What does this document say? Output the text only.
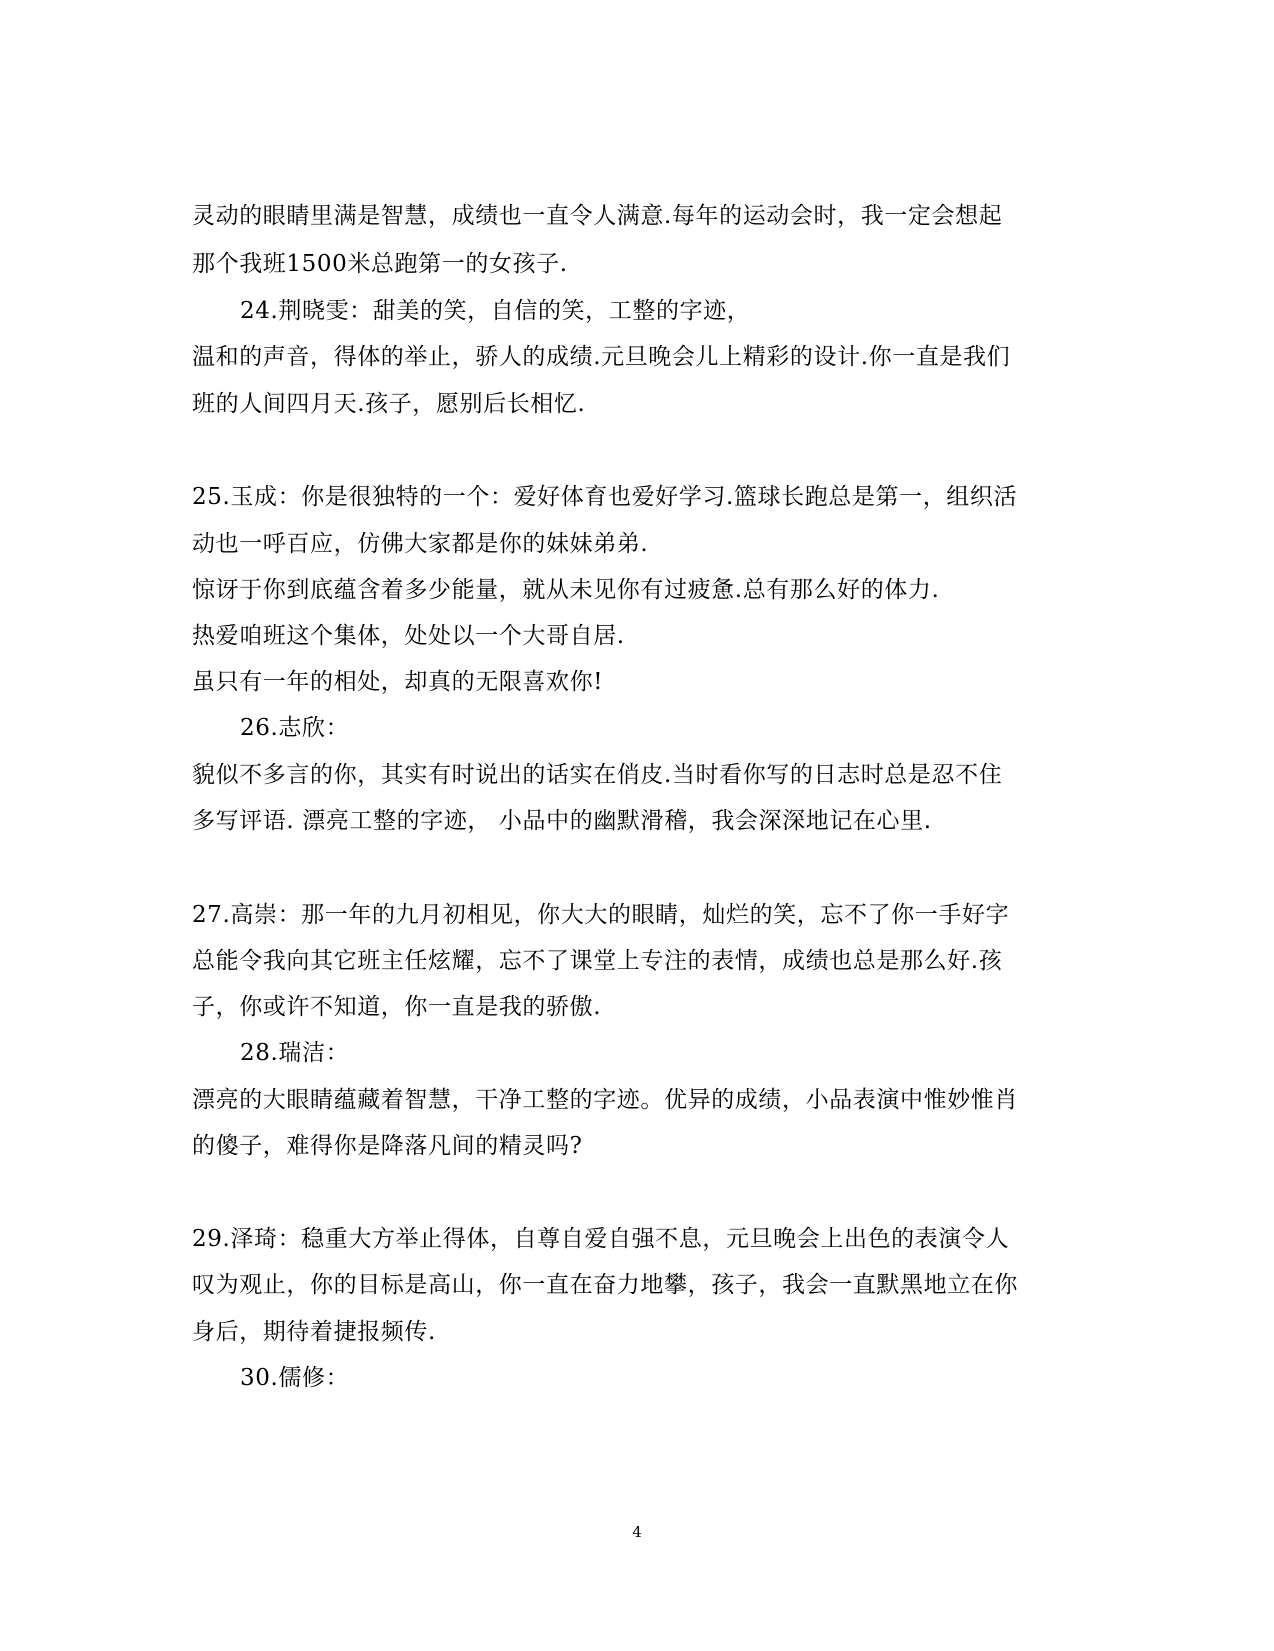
灵动的眼睛里满是智慧，成绩也一直令人满意.每年的运动会时，我一定会想起
那个我班1500米总跑第一的女孩子.
24.荆晓雯：甜美的笑，自信的笑，工整的字迹，
温和的声音，得体的举止，骄人的成绩.元旦晚会儿上精彩的设计.你一直是我们
班的人间四月天.孩子，愿别后长相忆.
25.玉成：你是很独特的一个：爱好体育也爱好学习.篮球长跑总是第一，组织活
动也一呼百应，仿佛大家都是你的妹妹弟弟.
惊讶于你到底蕴含着多少能量，就从未见你有过疲惫.总有那么好的体力.
热爱咱班这个集体，处处以一个大哥自居.
虽只有一年的相处，却真的无限喜欢你!
26.志欣：
貌似不多言的你，其实有时说出的话实在俏皮.当时看你写的日志时总是忍不住
多写评语. 漂亮工整的字迹， 小品中的幽默滑稽，我会深深地记在心里.
27.高崇：那一年的九月初相见，你大大的眼睛，灿烂的笑，忘不了你一手好字
总能令我向其它班主任炫耀，忘不了课堂上专注的表情，成绩也总是那么好.孩
子，你或许不知道，你一直是我的骄傲.
28.瑞洁：
漂亮的大眼睛蕴藏着智慧，干净工整的字迹。优异的成绩，小品表演中惟妙惟肖
的傻子，难得你是降落凡间的精灵吗?
29.泽琦：稳重大方举止得体，自尊自爱自强不息，元旦晚会上出色的表演令人
叹为观止，你的目标是高山，你一直在奋力地攀，孩子，我会一直默黑地立在你
身后，期待着捷报频传.
30.儒修：
4
